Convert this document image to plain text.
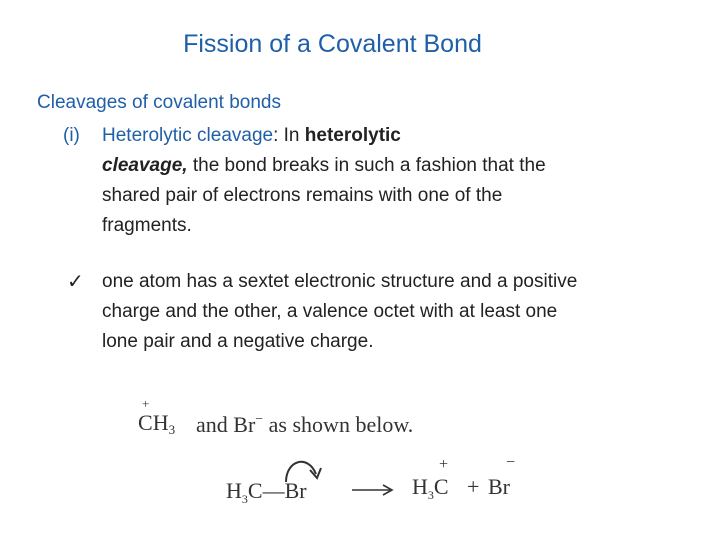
Fission of a Covalent Bond
Cleavages of covalent bonds
(i)	Heterolytic cleavage: In heterolytic
cleavage, the bond breaks in such a fashion that the shared pair of electrons remains with one of the fragments.
✓ one atom has a sextet electronic structure and a positive charge and the other, a valence octet with at least one lone pair and a negative charge.
+
$CH_3$ and Br− as shown below.
$H_3C—Br$	→ $H_3C$
+
+ Br
−
